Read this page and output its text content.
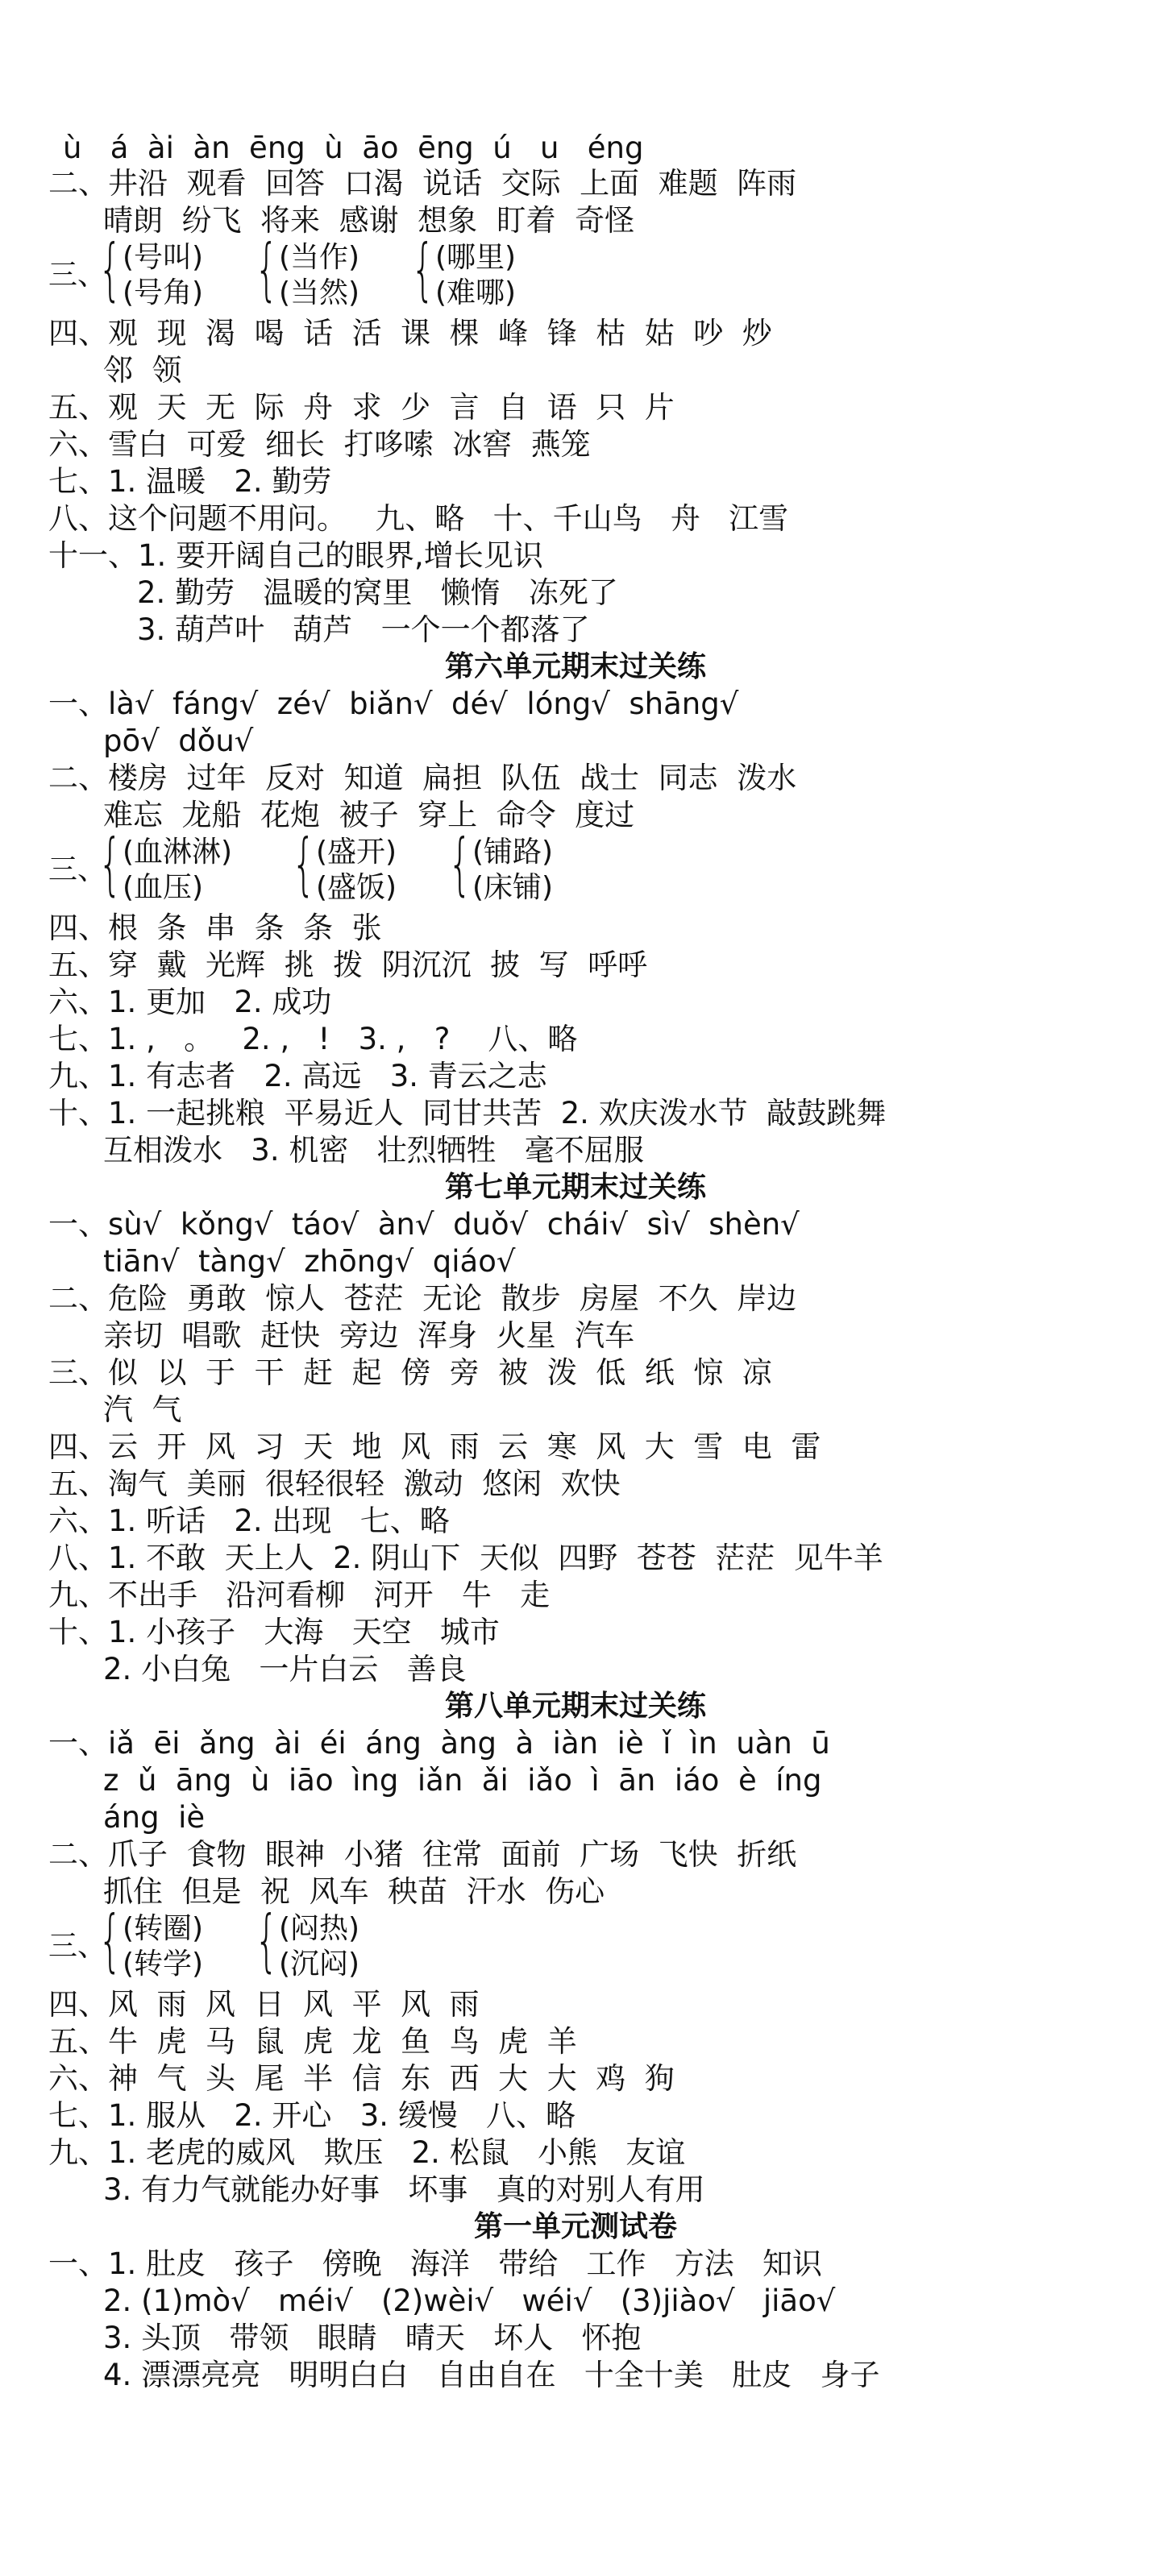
ù   á  ài  àn  ēng  ù  āo  ēng  ú   u   éng
二、井沿  观看  回答  口渴  说话  交际  上面  难题  阵雨
晴朗  纷飞  将来  感谢  想象  盯着  奇怪
四、观  现  渴  喝  话  活  课  棵  峰  锋  枯  姑  吵  炒
邻  领
五、观  天  无  际  舟  求  少  言  自  语  只  片
六、雪白  可爱  细长  打哆嗦  冰窖  燕笼
七、1. 温暖   2. 勤劳
八、这个问题不用问。   九、略   十、千山鸟   舟   江雪
十一、1. 要开阔自己的眼界,增长见识
2. 勤劳   温暖的窝里   懒惰   冻死了
3. 葫芦叶   葫芦   一个一个都落了
一、là√  fáng√  zé√  biǎn√  dé√  lóng√  shāng√
pō√  dǒu√
二、楼房  过年  反对  知道  扁担  队伍  战士  同志  泼水
难忘  龙船  花炮  被子  穿上  命令  度过
四、根  条  串  条  条  张
五、穿  戴  光辉  挑  拨  阴沉沉  披  写  呼呼
六、1. 更加   2. 成功
七、1. ,   。   2. ,   !   3. ,   ?    八、略
九、1. 有志者   2. 高远   3. 青云之志
十、1. 一起挑粮  平易近人  同甘共苦  2. 欢庆泼水节  敲鼓跳舞
互相泼水   3. 机密   壮烈牺牲   毫不屈服
一、sù√  kǒng√  táo√  àn√  duǒ√  chái√  sì√  shèn√
tiān√  tàng√  zhōng√  qiáo√
二、危险  勇敢  惊人  苍茫  无论  散步  房屋  不久  岸边
亲切  唱歌  赶快  旁边  浑身  火星  汽车
三、似  以  于  干  赶  起  傍  旁  被  泼  低  纸  惊  凉
汽  气
四、云  开  风  习  天  地  风  雨  云  寒  风  大  雪  电  雷
五、淘气  美丽  很轻很轻  激动  悠闲  欢快
六、1. 听话   2. 出现   七、略
八、1. 不敢  天上人  2. 阴山下  天似  四野  苍苍  茫茫  见牛羊
九、不出手   沿河看柳   河开   牛   走
十、1. 小孩子   大海   天空   城市
2. 小白兔   一片白云   善良
一、iǎ  ēi  ǎng  ài  éi  áng  àng  à  iàn  iè  ǐ  ìn  uàn  ū
z  ǔ  āng  ù  iāo  ìng  iǎn  ǎi  iǎo  ì  ān  iáo  è  íng
áng  iè
二、爪子  食物  眼神  小猪  往常  面前  广场  飞快  折纸
抓住  但是  祝  风车  秧苗  汗水  伤心
四、风  雨  风  日  风  平  风  雨
五、牛  虎  马  鼠  虎  龙  鱼  鸟  虎  羊
六、神  气  头  尾  半  信  东  西  大  大  鸡  狗
七、1. 服从   2. 开心   3. 缓慢   八、略
九、1. 老虎的威风   欺压   2. 松鼠   小熊   友谊
3. 有力气就能办好事   坏事   真的对别人有用
一、1. 肚皮   孩子   傍晚   海洋   带给   工作   方法   知识
2. (1)mò√   méi√   (2)wèi√   wéi√   (3)jiào√   jiāo√
3. 头顶   带领   眼睛   晴天   坏人   怀抱
4. 漂漂亮亮   明明白白   自由自在   十全十美   肚皮   身子
第六单元期末过关练
第七单元期末过关练
第八单元期末过关练
第一单元测试卷
三、
{ (号叫)
(号角) { (当作)
(当然) { (哪里)
(难哪)
三、
{ (血淋淋)
(血压)	{ (盛开)
(盛饭) { (铺路)
(床铺)
三、
{ (转圈)
(转学) { (闷热)
(沉闷)
